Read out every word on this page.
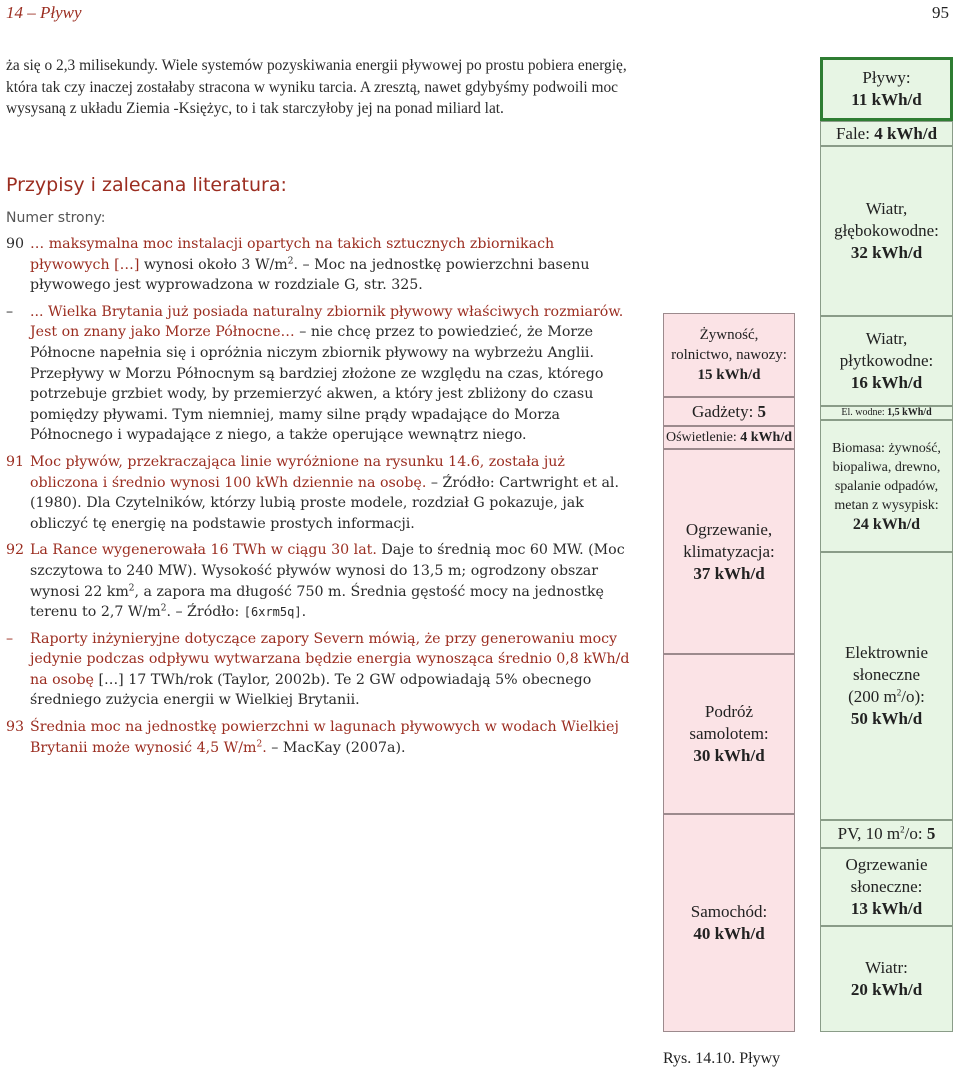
14 – Pływy	95
ża się o 2,3 milisekundy. Wiele systemów pozyskiwania energii pływowej po prostu pobiera energię, która tak czy inaczej zostałaby stracona w wyniku tarcia. A zresztą, nawet gdybyśmy podwoili moc wysysaną z układu Ziemia -Księżyc, to i tak starczyłoby jej na ponad miliard lat.
Przypisy i zalecana literatura:
Numer strony:
90 … maksymalna moc instalacji opartych na takich sztucznych zbiornikach pływowych […] wynosi około 3 $W/m^2$. – Moc na jednostkę powierzchni basenu pływowego jest wyprowadzona w rozdziale G, str. 325.
–	... Wielka Brytania już posiada naturalny zbiornik pływowy właściwych rozmiarów. Jest on znany jako Morze Północne… – nie chcę przez to powiedzieć, że Morze Północne napełnia się i opróżnia niczym zbiornik pływowy na wybrzeżu Anglii. Przepływy w Morzu Północnym są bardziej złożone ze względu na czas, którego potrzebuje grzbiet wody, by przemierzyć akwen, a który jest zbliżony do czasu pomiędzy pływami. Tym niemniej, mamy silne prądy wpadające do Morza Północnego i wypadające z niego, a także operujące wewnątrz niego.
91 Moc pływów, przekraczająca linie wyróżnione na rysunku 14.6, została już obliczona i średnio wynosi 100 kWh dziennie na osobę. – Źródło: Cartwright et al. (1980). Dla Czytelników, którzy lubią proste modele, rozdział G pokazuje, jak obliczyć tę energię na podstawie prostych informacji.
92 La Rance wygenerowała 16 TWh w ciągu 30 lat. Daje to średnią moc 60 MW. (Moc szczytowa to 240 MW). Wysokość pływów wynosi do 13,5 m; ogrodzony obszar wynosi 22 $km^2$, a zapora ma długość 750 m. Średnia gęstość mocy na jednostkę terenu to 2,7 $W/m^2$. – Źródło: [6xrm5q].
–	Raporty inżynieryjne dotyczące zapory Severn mówią, że przy generowaniu mocy jedynie podczas odpływu wytwarzana będzie energia wynosząca średnio 0,8 kWh/d na osobę […] 17 TWh/rok (Taylor, 2002b). Te 2 GW odpowiadają 5% obecnego średniego zużycia energii w Wielkiej Brytanii.
93 Średnia moc na jednostkę powierzchni w lagunach pływowych w wodach Wielkiej Brytanii może wynosić 4,5 $W/m^2$. – MacKay (2007a).
Żywność,
rolnictwo, nawozy:
15 kWh/d
Gadżety: 5
Oświetlenie: 4 kWh/d
Ogrzewanie,
klimatyzacja:
37 kWh/d
Podróż
samolotem:
30 kWh/d
Samochód:
40 kWh/d
Pływy:
11 kWh/d
Fale: 4 kWh/d
Wiatr,
głębokowodne:
32 kWh/d
Wiatr,
płytkowodne:
16 kWh/d
El. wodne: 1,5 kWh/d
Biomasa: żywność,
biopaliwa, drewno,
spalanie odpadów,
metan z wysypisk:
24 kWh/d
Elektrownie
słoneczne
(200 $m^2/o$):
50 kWh/d
PV, 10 $m^2/o$: 5
Ogrzewanie
słoneczne:
13 kWh/d
Wiatr:
20 kWh/d
Rys. 14.10. Pływy
